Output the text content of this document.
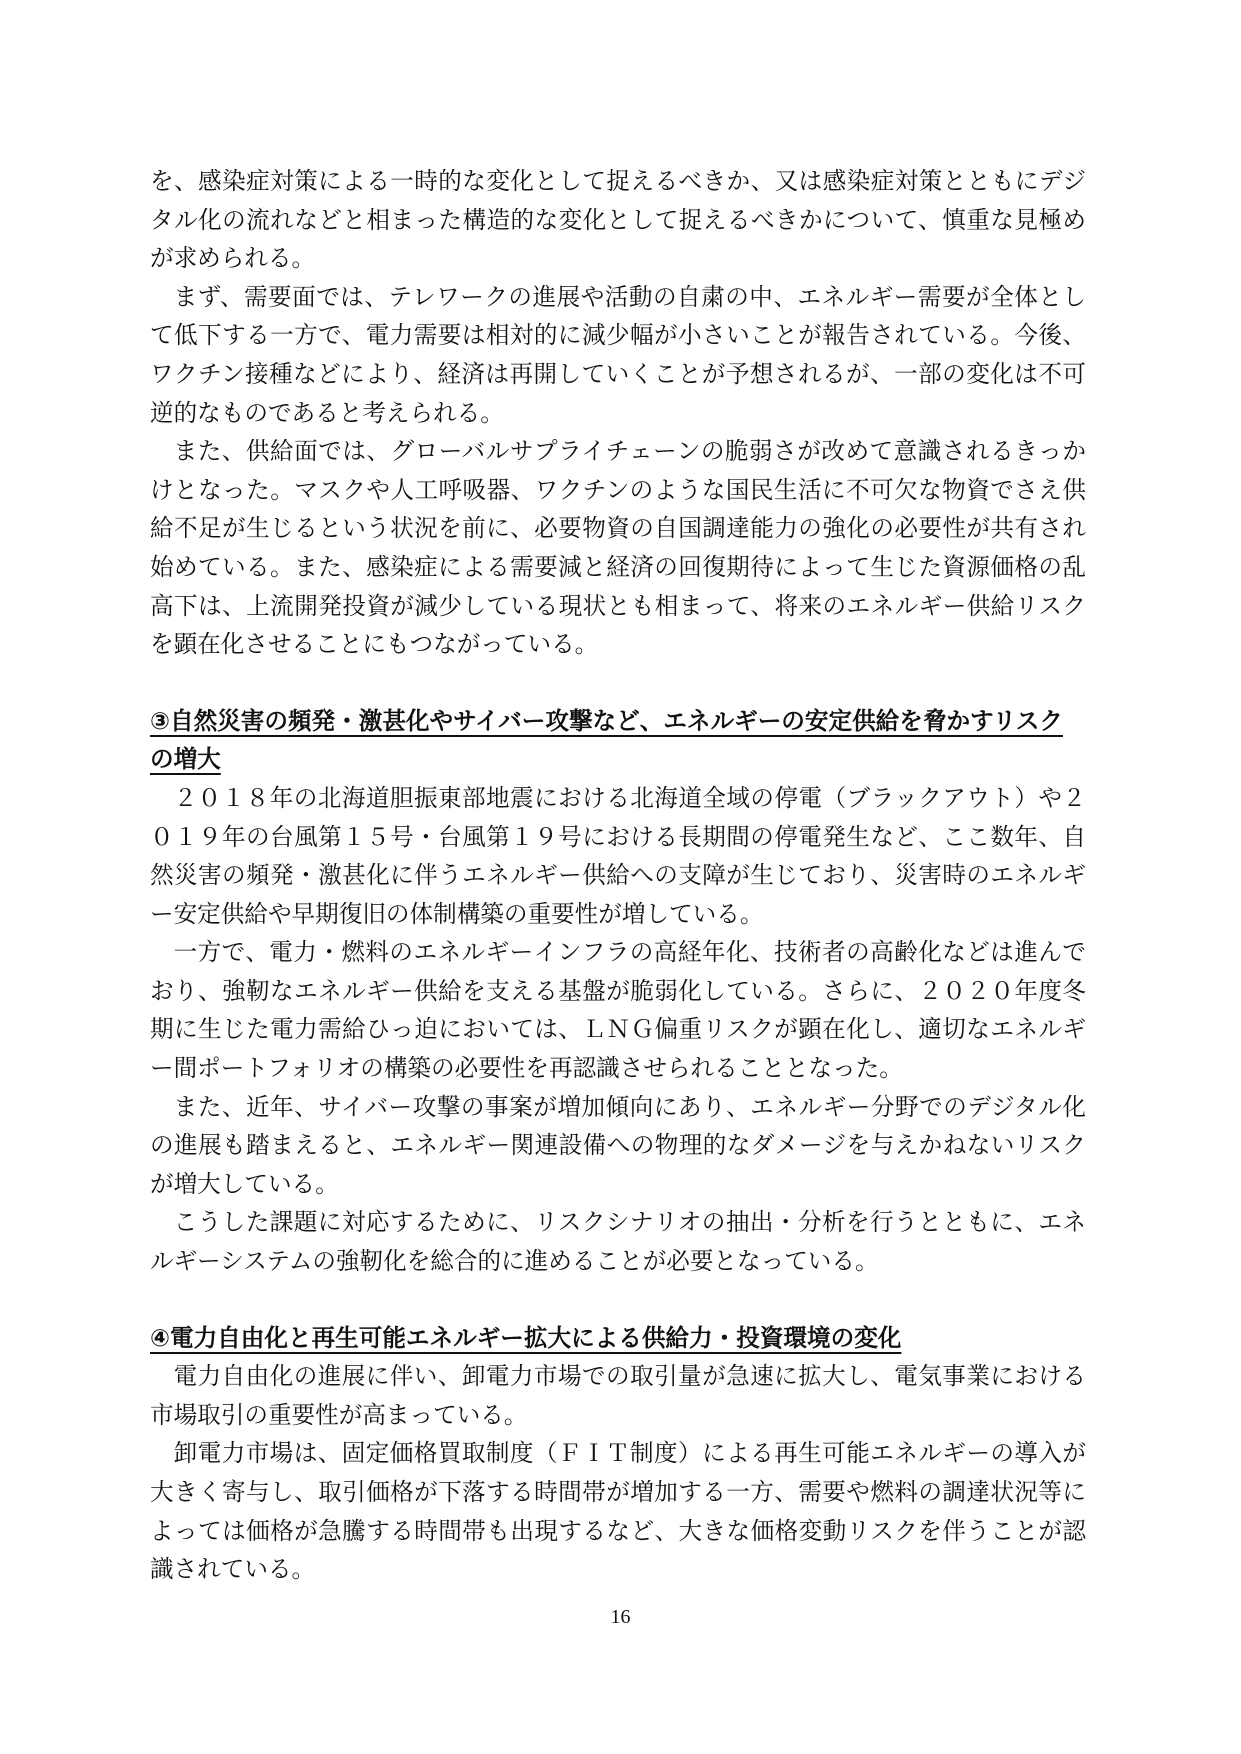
を、感染症対策による一時的な変化として捉えるべきか、又は感染症対策とともにデジタル化の流れなどと相まった構造的な変化として捉えるべきかについて、慎重な見極めが求められる。

まず、需要面では、テレワークの進展や活動の自粛の中、エネルギー需要が全体として低下する一方で、電力需要は相対的に減少幅が小さいことが報告されている。今後、ワクチン接種などにより、経済は再開していくことが予想されるが、一部の変化は不可逆的なものであると考えられる。

また、供給面では、グローバルサプライチェーンの脆弱さが改めて意識されるきっかけとなった。マスクや人工呼吸器、ワクチンのような国民生活に不可欠な物資でさえ供給不足が生じるという状況を前に、必要物資の自国調達能力の強化の必要性が共有され始めている。また、感染症による需要減と経済の回復期待によって生じた資源価格の乱高下は、上流開発投資が減少している現状とも相まって、将来のエネルギー供給リスクを顕在化させることにもつながっている。

③自然災害の頻発・激甚化やサイバー攻撃など、エネルギーの安定供給を脅かすリスクの増大

２０１８年の北海道胆振東部地震における北海道全域の停電（ブラックアウト）や２０１９年の台風第１５号・台風第１９号における長期間の停電発生など、ここ数年、自然災害の頻発・激甚化に伴うエネルギー供給への支障が生じており、災害時のエネルギー安定供給や早期復旧の体制構築の重要性が増している。

一方で、電力・燃料のエネルギーインフラの高経年化、技術者の高齢化などは進んでおり、強靭なエネルギー供給を支える基盤が脆弱化している。さらに、２０２０年度冬期に生じた電力需給ひっ迫においては、ＬＮＧ偏重リスクが顕在化し、適切なエネルギー間ポートフォリオの構築の必要性を再認識させられることとなった。

また、近年、サイバー攻撃の事案が増加傾向にあり、エネルギー分野でのデジタル化の進展も踏まえると、エネルギー関連設備への物理的なダメージを与えかねないリスクが増大している。

こうした課題に対応するために、リスクシナリオの抽出・分析を行うとともに、エネルギーシステムの強靭化を総合的に進めることが必要となっている。

④電力自由化と再生可能エネルギー拡大による供給力・投資環境の変化

電力自由化の進展に伴い、卸電力市場での取引量が急速に拡大し、電気事業における市場取引の重要性が高まっている。

卸電力市場は、固定価格買取制度（ＦＩＴ制度）による再生可能エネルギーの導入が大きく寄与し、取引価格が下落する時間帯が増加する一方、需要や燃料の調達状況等によっては価格が急騰する時間帯も出現するなど、大きな価格変動リスクを伴うことが認識されている。

16
